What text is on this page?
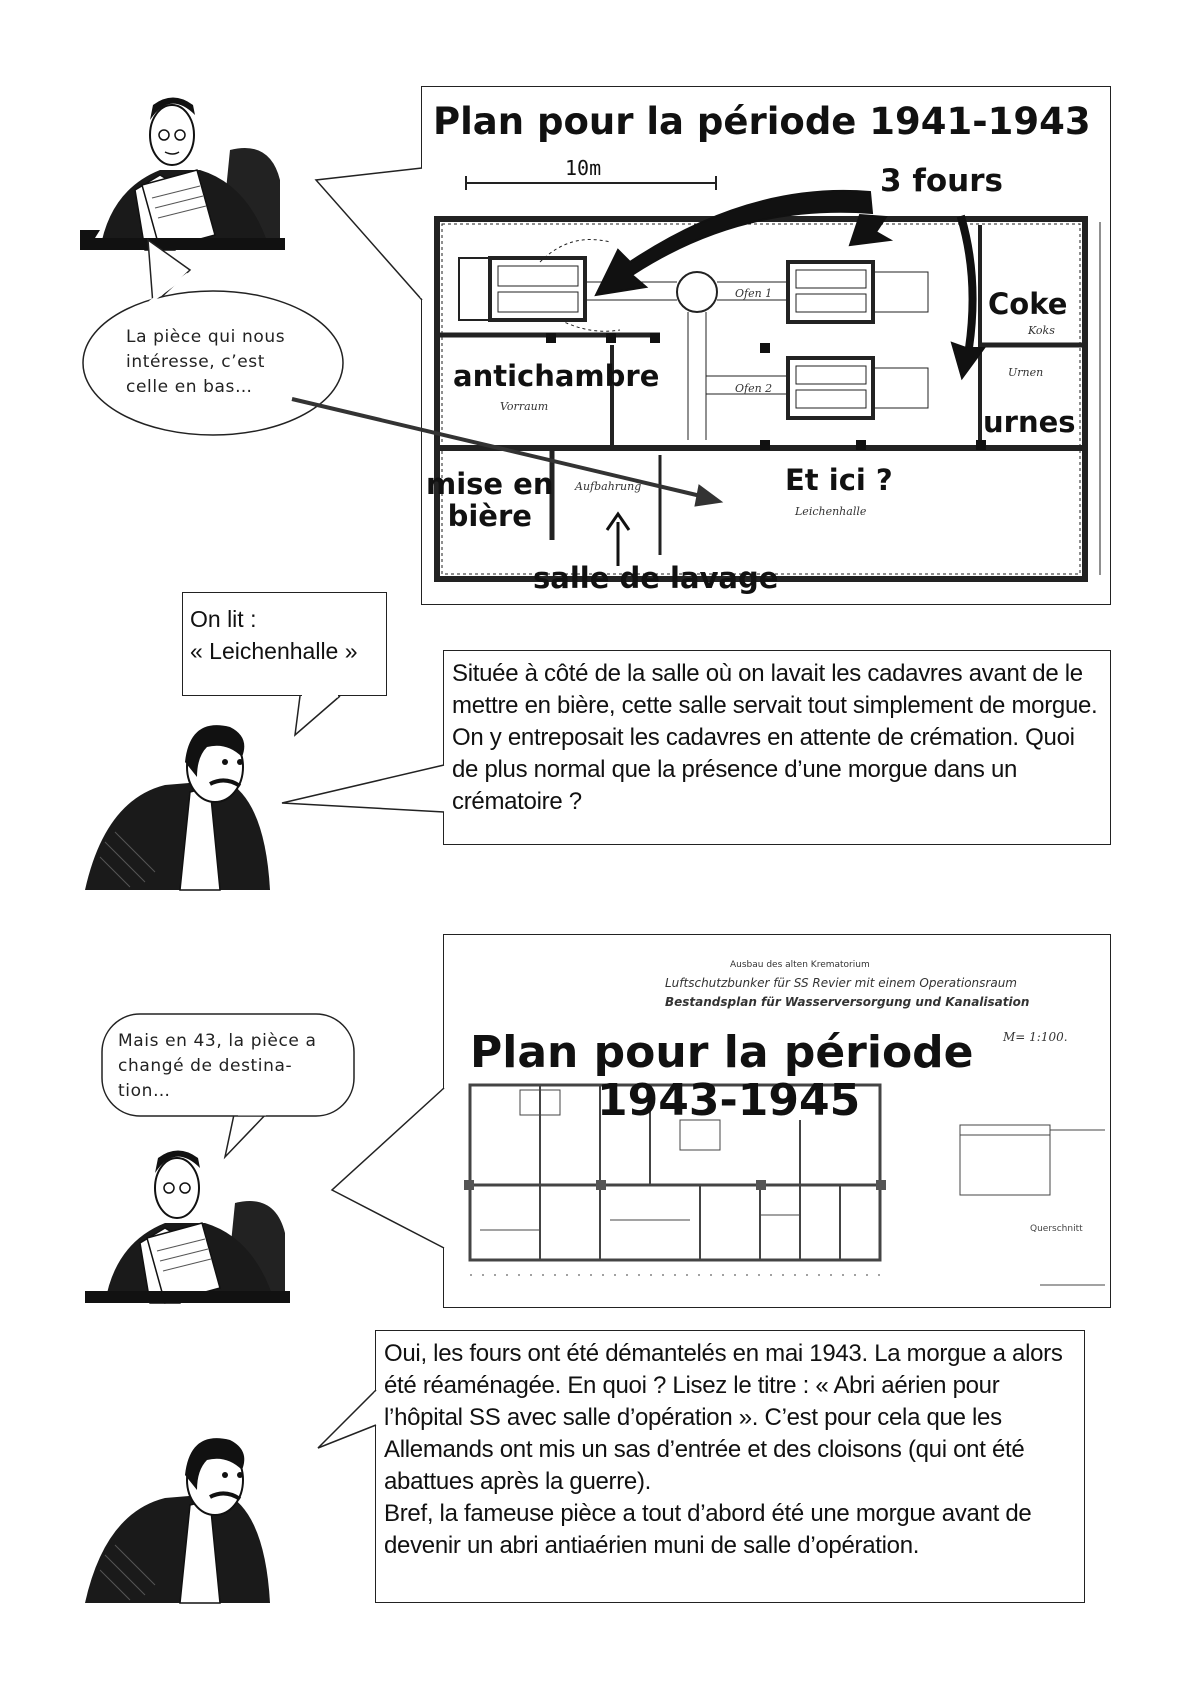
La pièce qui nous intéresse, c’est celle en bas…
Plan pour la période 1941-1943
Ofen 1
Ofen 2
Koks
Urnen
Vorraum
Leichenhalle
Aufbahrung
10m	3 fours
Coke
antichambre
urnes
mise en
bière
Et ici ?
salle de lavage
On lit :
« Leichenhalle »
Située à côté de la salle où on lavait les cadavres avant de le mettre en bière, cette salle servait tout simplement de morgue. On y entreposait les cadavres en attente de crémation. Quoi de plus normal que la présence d’une morgue dans un crématoire ?
Mais en 43, la pièce a
changé de destina-
tion…
Ausbau des alten Krematorium
Luftschutzbunker für SS Revier mit einem Operationsraum
Bestandsplan für Wasserversorgung und Kanalisation
M= 1:100.
Querschnitt
Plan pour la période
1943-1945
Oui, les fours ont été démantelés en mai 1943. La morgue a alors été réaménagée. En quoi ? Lisez le titre : « Abri aérien pour l’hôpital SS avec salle d’opération ». C’est pour cela que les Allemands ont mis un sas d’entrée et des cloisons (qui ont été abattues après la guerre).
Bref, la fameuse pièce a tout d’abord été une morgue avant de devenir un abri antiaérien muni de salle d’opération.
